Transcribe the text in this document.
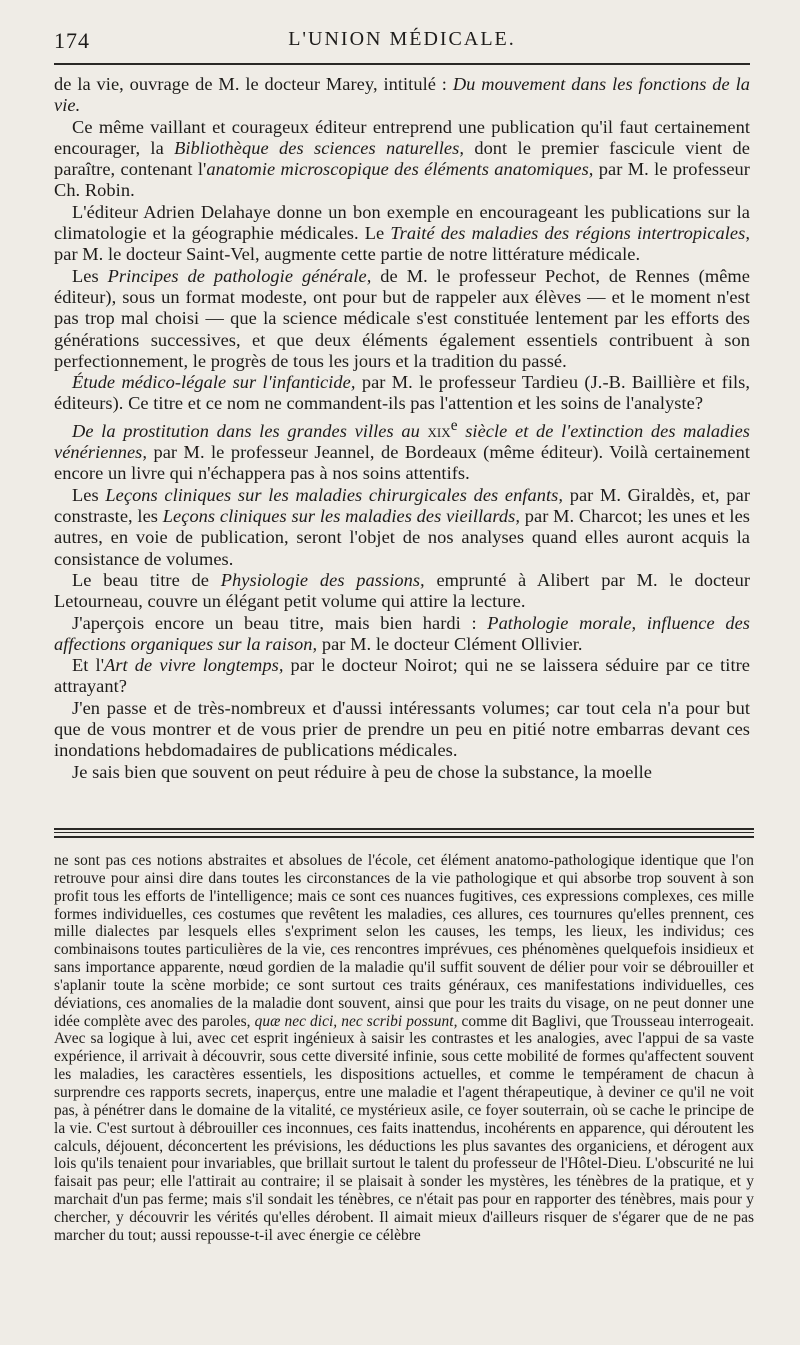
174	L'UNION MÉDICALE.

de la vie, ouvrage de M. le docteur Marey, intitulé : Du mouvement dans les fonctions de la vie.

Ce même vaillant et courageux éditeur entreprend une publication qu'il faut certainement encourager, la Bibliothèque des sciences naturelles, dont le premier fascicule vient de paraître, contenant l'anatomie microscopique des éléments anatomiques, par M. le professeur Ch. Robin.

L'éditeur Adrien Delahaye donne un bon exemple en encourageant les publications sur la climatologie et la géographie médicales. Le Traité des maladies des régions intertropicales, par M. le docteur Saint-Vel, augmente cette partie de notre littérature médicale.

Les Principes de pathologie générale, de M. le professeur Pechot, de Rennes (même éditeur), sous un format modeste, ont pour but de rappeler aux élèves — et le moment n'est pas trop mal choisi — que la science médicale s'est constituée lentement par les efforts des générations successives, et que deux éléments également essentiels contribuent à son perfectionnement, le progrès de tous les jours et la tradition du passé.

Étude médico-légale sur l'infanticide, par M. le professeur Tardieu (J.-B. Baillière et fils, éditeurs). Ce titre et ce nom ne commandent-ils pas l'attention et les soins de l'analyste?

De la prostitution dans les grandes villes au xix$^e$ siècle et de l'extinction des maladies vénériennes, par M. le professeur Jeannel, de Bordeaux (même éditeur). Voilà certainement encore un livre qui n'échappera pas à nos soins attentifs.

Les Leçons cliniques sur les maladies chirurgicales des enfants, par M. Giraldès, et, par constraste, les Leçons cliniques sur les maladies des vieillards, par M. Charcot; les unes et les autres, en voie de publication, seront l'objet de nos analyses quand elles auront acquis la consistance de volumes.

Le beau titre de Physiologie des passions, emprunté à Alibert par M. le docteur Letourneau, couvre un élégant petit volume qui attire la lecture.

J'aperçois encore un beau titre, mais bien hardi : Pathologie morale, influence des affections organiques sur la raison, par M. le docteur Clément Ollivier.

Et l'Art de vivre longtemps, par le docteur Noirot; qui ne se laissera séduire par ce titre attrayant?

J'en passe et de très-nombreux et d'aussi intéressants volumes; car tout cela n'a pour but que de vous montrer et de vous prier de prendre un peu en pitié notre embarras devant ces inondations hebdomadaires de publications médicales.

Je sais bien que souvent on peut réduire à peu de chose la substance, la moelle

ne sont pas ces notions abstraites et absolues de l'école, cet élément anatomo-pathologique identique que l'on retrouve pour ainsi dire dans toutes les circonstances de la vie pathologique et qui absorbe trop souvent à son profit tous les efforts de l'intelligence; mais ce sont ces nuances fugitives, ces expressions complexes, ces mille formes individuelles, ces costumes que revêtent les maladies, ces allures, ces tournures qu'elles prennent, ces mille dialectes par lesquels elles s'expriment selon les causes, les temps, les lieux, les individus; ces combinaisons toutes particulières de la vie, ces rencontres imprévues, ces phénomènes quelquefois insidieux et sans importance apparente, nœud gordien de la maladie qu'il suffit souvent de délier pour voir se débrouiller et s'aplanir toute la scène morbide; ce sont surtout ces traits généraux, ces manifestations individuelles, ces déviations, ces anomalies de la maladie dont souvent, ainsi que pour les traits du visage, on ne peut donner une idée complète avec des paroles, quæ nec dici, nec scribi possunt, comme dit Baglivi, que Trousseau interrogeait. Avec sa logique à lui, avec cet esprit ingénieux à saisir les contrastes et les analogies, avec l'appui de sa vaste expérience, il arrivait à découvrir, sous cette diversité infinie, sous cette mobilité de formes qu'affectent souvent les maladies, les caractères essentiels, les dispositions actuelles, et comme le tempérament de chacun à surprendre ces rapports secrets, inaperçus, entre une maladie et l'agent thérapeutique, à deviner ce qu'il ne voit pas, à pénétrer dans le domaine de la vitalité, ce mystérieux asile, ce foyer souterrain, où se cache le principe de la vie. C'est surtout à débrouiller ces inconnues, ces faits inattendus, incohérents en apparence, qui déroutent les calculs, déjouent, déconcertent les prévisions, les déductions les plus savantes des organiciens, et dérogent aux lois qu'ils tenaient pour invariables, que brillait surtout le talent du professeur de l'Hôtel-Dieu. L'obscurité ne lui faisait pas peur; elle l'attirait au contraire; il se plaisait à sonder les mystères, les ténèbres de la pratique, et y marchait d'un pas ferme; mais s'il sondait les ténèbres, ce n'était pas pour en rapporter des ténèbres, mais pour y chercher, y découvrir les vérités qu'elles dérobent. Il aimait mieux d'ailleurs risquer de s'égarer que de ne pas marcher du tout; aussi repousse-t-il avec énergie ce célèbre
